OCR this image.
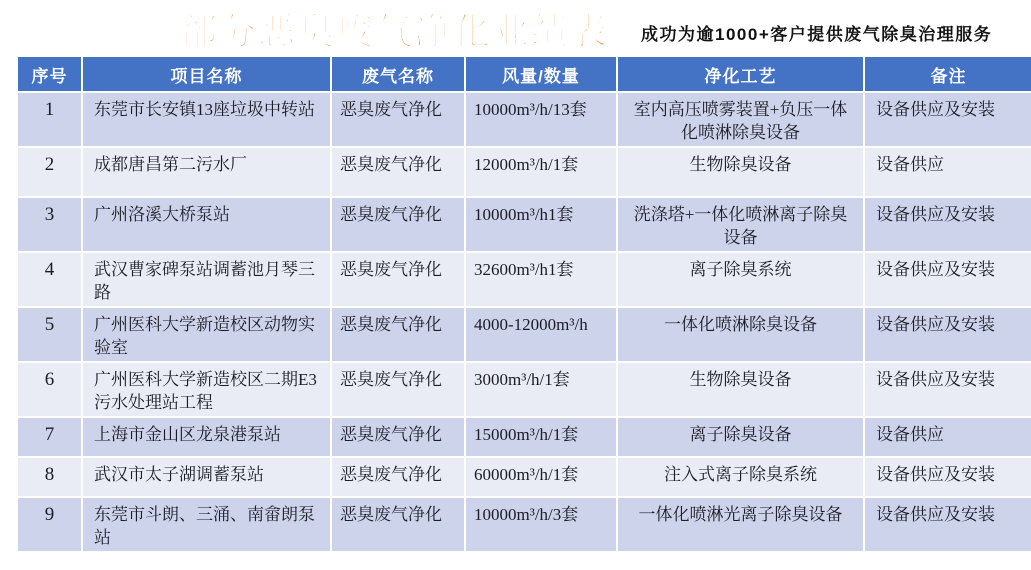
部分恶臭废气净化业绩表 成功为逾1000+客户提供废气除臭治理服务
序号	项目名称	废气名称	风量/数量	净化工艺	备注
1	东莞市长安镇13座垃圾中转站	恶臭废气净化	10000m³/h/13套	室内高压喷雾装置+负压一体化喷淋除臭设备	设备供应及安装
2	成都唐昌第二污水厂	恶臭废气净化	12000m³/h/1套	生物除臭设备	设备供应
3	广州洛溪大桥泵站	恶臭废气净化	10000m³/h1套	洗涤塔+一体化喷淋离子除臭设备	设备供应及安装
4	武汉曹家碑泵站调蓄池月琴三路	恶臭废气净化	32600m³/h1套	离子除臭系统	设备供应及安装
5	广州医科大学新造校区动物实验室	恶臭废气净化	4000-12000m³/h	一体化喷淋除臭设备	设备供应及安装
6	广州医科大学新造校区二期E3污水处理站工程	恶臭废气净化	3000m³/h/1套	生物除臭设备	设备供应及安装
7	上海市金山区龙泉港泵站	恶臭废气净化	15000m³/h/1套	离子除臭设备	设备供应
8	武汉市太子湖调蓄泵站	恶臭废气净化	60000m³/h/1套	注入式离子除臭系统	设备供应及安装
9	东莞市斗朗、三涌、南畲朗泵站	恶臭废气净化	10000m³/h/3套	一体化喷淋光离子除臭设备	设备供应及安装
